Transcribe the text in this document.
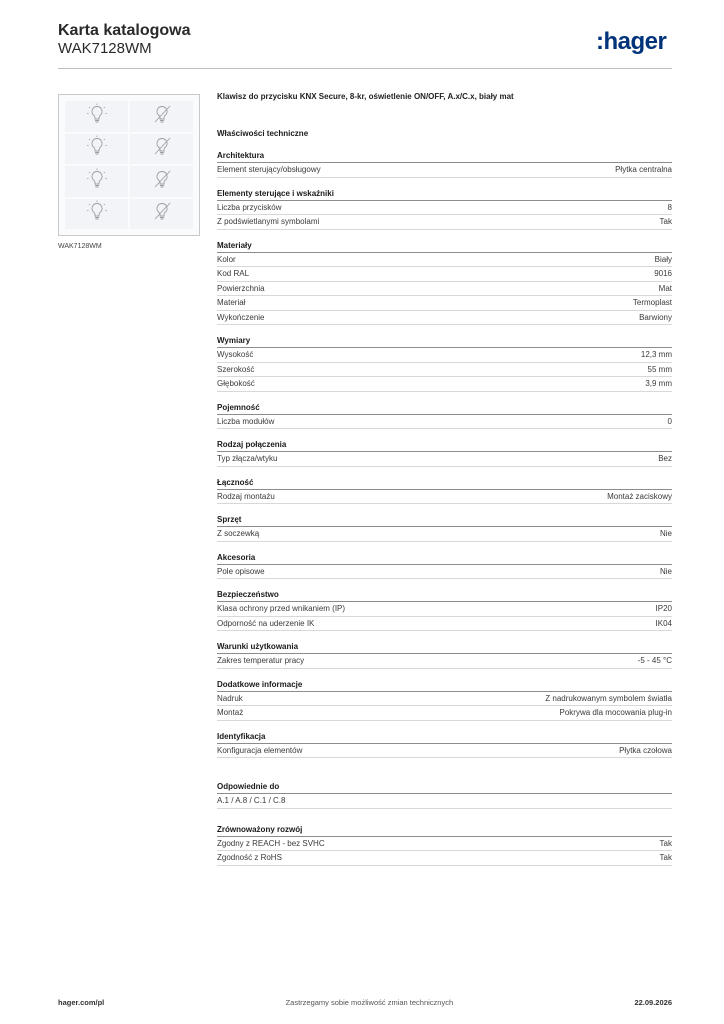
Karta katalogowa
WAK7128WM	:hager
WAK7128WM
Klawisz do przycisku KNX Secure, 8-kr, oświetlenie ON/OFF, A.x/C.x, biały mat
Właściwości techniczne
Architektura
Element sterujący/obsługowy	Płytka centralna
Elementy sterujące i wskaźniki
Liczba przycisków	8
Z podświetlanymi symbolami	Tak
Materiały
Kolor	Biały
Kod RAL	9016
Powierzchnia	Mat
Materiał	Termoplast
Wykończenie	Barwiony
Wymiary
Wysokość	12,3 mm
Szerokość	55 mm
Głębokość	3,9 mm
Pojemność
Liczba modułów	0
Rodzaj połączenia
Typ złącza/wtyku	Bez
Łączność
Rodzaj montażu	Montaż zaciskowy
Sprzęt
Z soczewką	Nie
Akcesoria
Pole opisowe	Nie
Bezpieczeństwo
Klasa ochrony przed wnikaniem (IP)	IP20
Odporność na uderzenie IK	IK04
Warunki użytkowania
Zakres temperatur pracy	-5 - 45 °C
Dodatkowe informacje
Nadruk	Z nadrukowanym symbolem światła
Montaż	Pokrywa dla mocowania plug-in
Identyfikacja
Konfiguracja elementów	Płytka czołowa
Odpowiednie do
A.1 / A.8 / C.1 / C.8
Zrównoważony rozwój
Zgodny z REACH - bez SVHC	Tak
Zgodność z RoHS	Tak
hager.com/pl	Zastrzegamy sobie możliwość zmian technicznych	22.09.2026
